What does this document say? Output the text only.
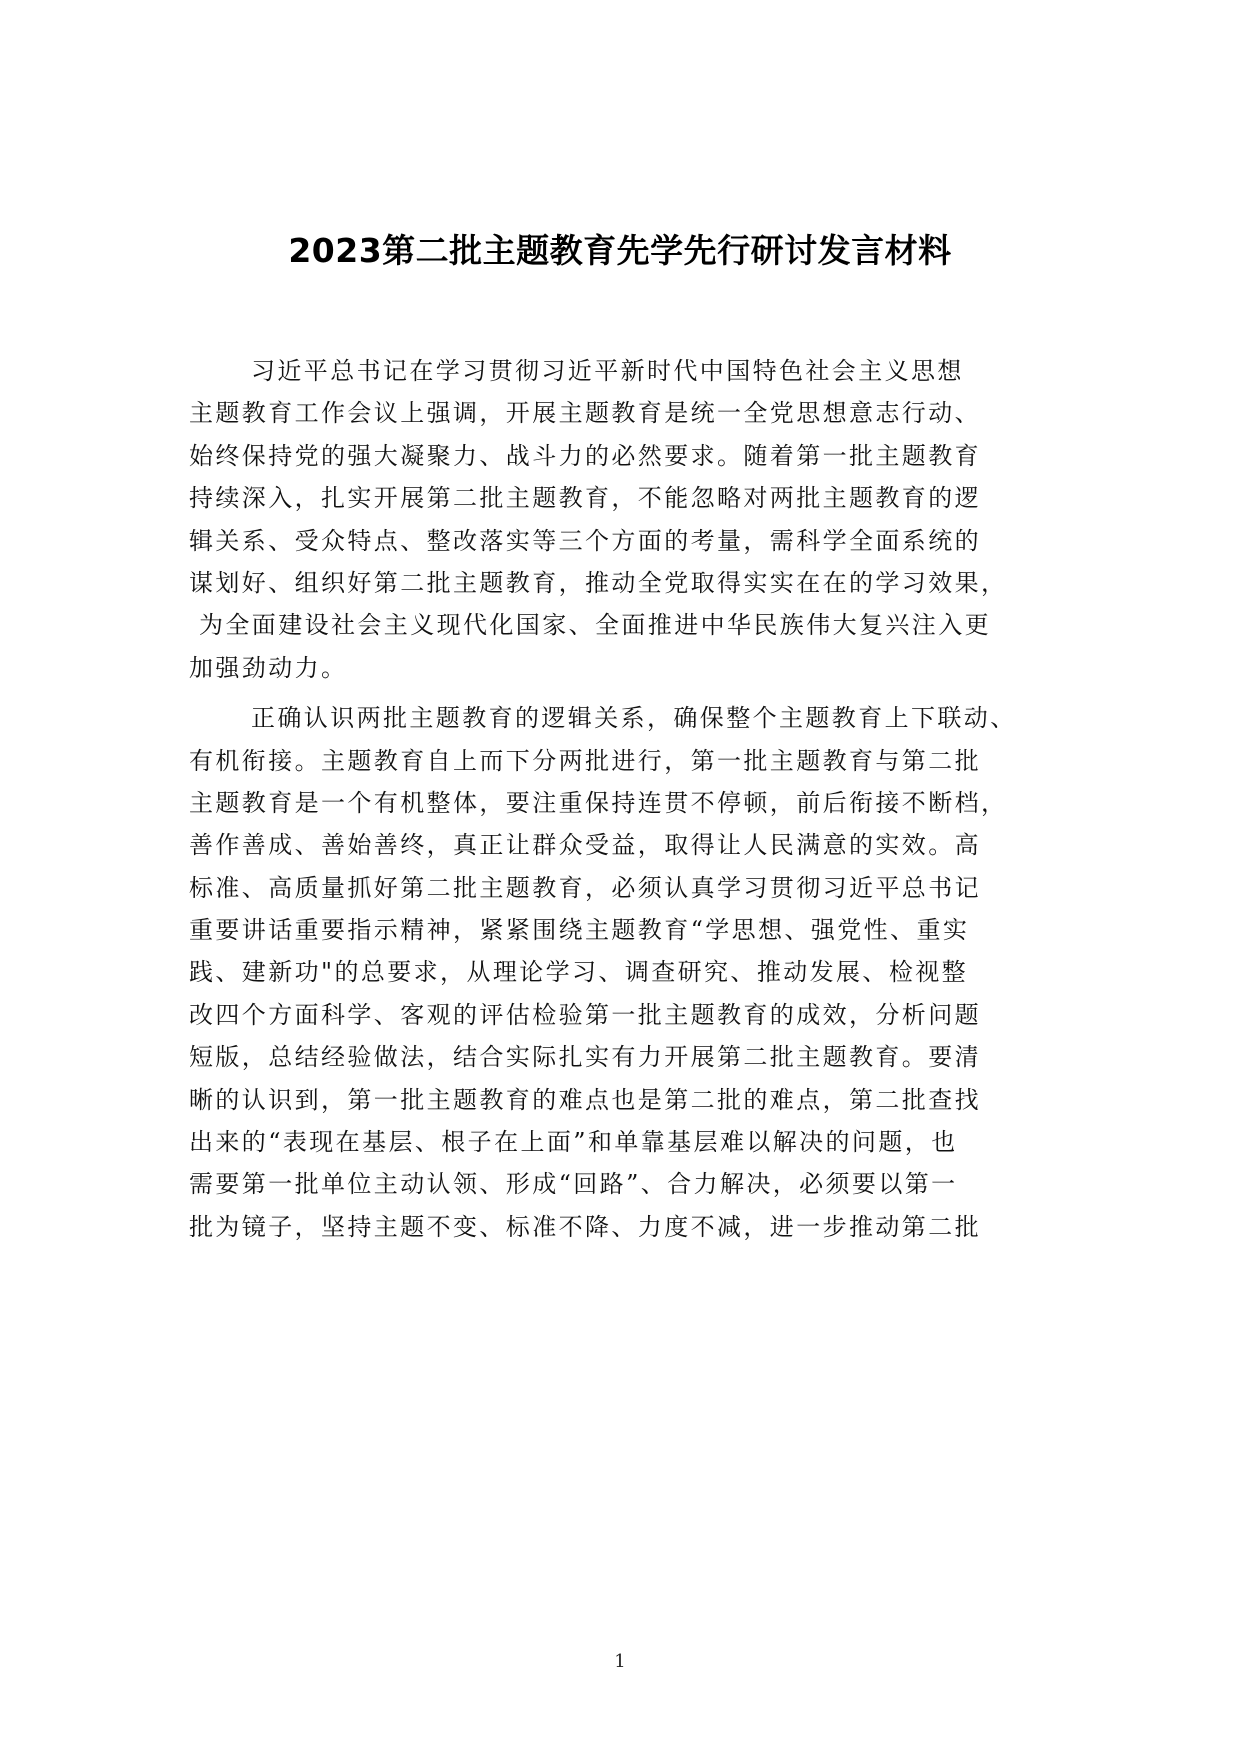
2023第二批主题教育先学先行研讨发言材料
习近平总书记在学习贯彻习近平新时代中国特色社会主义思想
主题教育工作会议上强调，开展主题教育是统一全党思想意志行动、
始终保持党的强大凝聚力、战斗力的必然要求。随着第一批主题教育
持续深入，扎实开展第二批主题教育，不能忽略对两批主题教育的逻
辑关系、受众特点、整改落实等三个方面的考量，需科学全面系统的
谋划好、组织好第二批主题教育，推动全党取得实实在在的学习效果，
为全面建设社会主义现代化国家、全面推进中华民族伟大复兴注入更
加强劲动力。
正确认识两批主题教育的逻辑关系，确保整个主题教育上下联动、
有机衔接。主题教育自上而下分两批进行，第一批主题教育与第二批
主题教育是一个有机整体，要注重保持连贯不停顿，前后衔接不断档，
善作善成、善始善终，真正让群众受益，取得让人民满意的实效。高
标准、高质量抓好第二批主题教育，必须认真学习贯彻习近平总书记
重要讲话重要指示精神，紧紧围绕主题教育“学思想、强党性、重实
践、建新功"的总要求，从理论学习、调查研究、推动发展、检视整
改四个方面科学、客观的评估检验第一批主题教育的成效，分析问题
短版，总结经验做法，结合实际扎实有力开展第二批主题教育。要清
晰的认识到，第一批主题教育的难点也是第二批的难点，第二批查找
出来的“表现在基层、根子在上面”和单靠基层难以解决的问题，也
需要第一批单位主动认领、形成“回路”、合力解决，必须要以第一
批为镜子，坚持主题不变、标准不降、力度不减，进一步推动第二批
1
